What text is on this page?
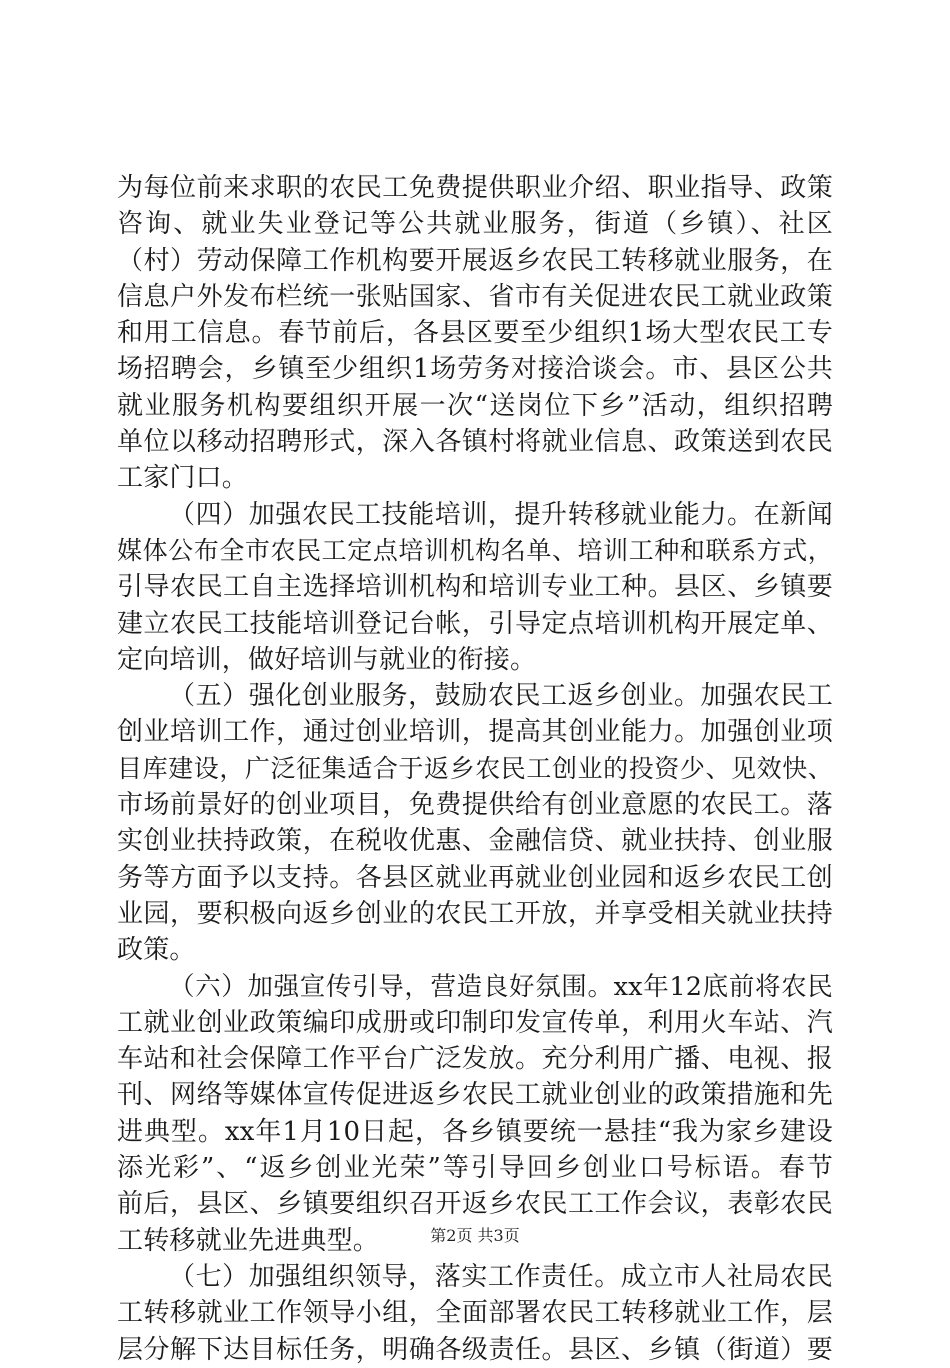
为每位前来求职的农民工免费提供职业介绍、职业指导、政策
咨询、就业失业登记等公共就业服务，街道（乡镇）、社区
（村）劳动保障工作机构要开展返乡农民工转移就业服务，在
信息户外发布栏统一张贴国家、省市有关促进农民工就业政策
和用工信息。春节前后，各县区要至少组织1场大型农民工专
场招聘会，乡镇至少组织1场劳务对接洽谈会。市、县区公共
就业服务机构要组织开展一次“送岗位下乡”活动，组织招聘
单位以移动招聘形式，深入各镇村将就业信息、政策送到农民
工家门口。
（四）加强农民工技能培训，提升转移就业能力。在新闻
媒体公布全市农民工定点培训机构名单、培训工种和联系方式，
引导农民工自主选择培训机构和培训专业工种。县区、乡镇要
建立农民工技能培训登记台帐，引导定点培训机构开展定单、
定向培训，做好培训与就业的衔接。
（五）强化创业服务，鼓励农民工返乡创业。加强农民工
创业培训工作，通过创业培训，提高其创业能力。加强创业项
目库建设，广泛征集适合于返乡农民工创业的投资少、见效快、
市场前景好的创业项目，免费提供给有创业意愿的农民工。落
实创业扶持政策，在税收优惠、金融信贷、就业扶持、创业服
务等方面予以支持。各县区就业再就业创业园和返乡农民工创
业园，要积极向返乡创业的农民工开放，并享受相关就业扶持
政策。
（六）加强宣传引导，营造良好氛围。xx年12底前将农民
工就业创业政策编印成册或印制印发宣传单，利用火车站、汽
车站和社会保障工作平台广泛发放。充分利用广播、电视、报
刊、网络等媒体宣传促进返乡农民工就业创业的政策措施和先
进典型。xx年1月10日起，各乡镇要统一悬挂“我为家乡建设
添光彩”、“返乡创业光荣”等引导回乡创业口号标语。春节
前后，县区、乡镇要组织召开返乡农民工工作会议，表彰农民
工转移就业先进典型。
（七）加强组织领导，落实工作责任。成立市人社局农民
工转移就业工作领导小组，全面部署农民工转移就业工作，层
层分解下达目标任务，明确各级责任。县区、乡镇（街道）要
第2页 共3页
